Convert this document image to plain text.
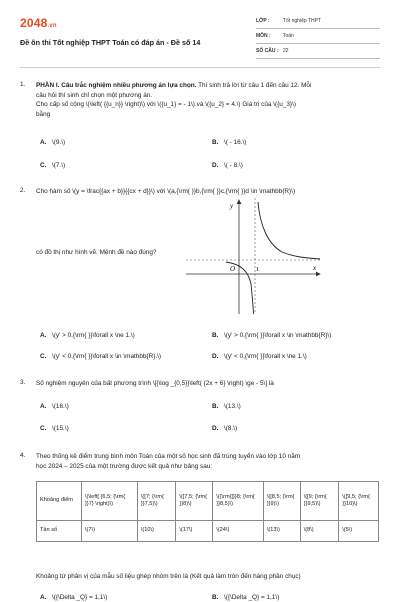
2048.vn
Đề ôn thi Tốt nghiệp THPT Toán có đáp án - Đề số 14
LỚP :	Tốt nghiệp THPT
MÔN : Toán
SỐ CÂU : 22
1. PHẦN I. Câu trắc nghiệm nhiều phương án lựa chọn. Thí sinh trả lời từ câu 1 đến câu 12. Mỗi
câu hỏi thí sinh chỉ chọn một phương án.
Cho cấp số cộng \(\left( {{u_n}} \right)\) với \({u_1} = - 1\) và \({u_2} = 4.\) Giá trị của \({u_3}\)
bằng
A. \(9.\)	B. \( - 16.\)
C. \(7.\)	D. \( - 8.\)
2. Cho hàm số \(y = \frac{{ax + b}}{{cx + d}}\) với \(a,{\rm{ }}b,{\rm{ }}c,{\rm{ }}d \in \mathbb{R}\)
có đồ thị như hình vẽ. Mệnh đề nào đúng?
A. \(y' > 0,{\rm{ }}\forall x \ne 1.\)	B. \(y' > 0,{\rm{ }}\forall x \in \mathbb{R}\)
C. \(y' < 0,{\rm{ }}\forall x \in \mathbb{R}.\)	D. \(y' < 0,{\rm{ }}\forall x \ne 1.\)
y
x
O	1
3. Số nghiệm nguyên của bất phương trình \[{\log _{0,5}}\left( {2x + 6} \right) \ge - 5\] là
A. \(16.\)	B. \(13.\)
C. \(15.\)	D. \(8.\)
4. Theo thống kê điểm trung bình môn Toán của một số học sinh đã trúng tuyển vào lớp 10 năm
học 2024 – 2025 của một trường được kết quả như bảng sau:
Khoảng tứ phân vị của mẫu số liệu ghép nhóm trên là (Kết quả làm tròn đến hàng phần chục)
A. \({\Delta _Q} = 1,1\)	B. \({\Delta _Q} = 1,1\)
Khoảng điểm	\(\left[ {6,5; {\rm{ }}7} \right)\)	\([7; {\rm{ }}7,5)\)	\([7,5; {\rm{ }}8)\)	\({\rm{[}}8; {\rm{ }}8,5)\)	\([8,5; {\rm{ }}9)\)	\([9; {\rm{ }}9,5)\)	\([9,5; {\rm{ }}10)\)
Tần số	\(7\)	\(10\)	\(17\)	\(24\)	\(13\)	\(8\)	\(5\)
